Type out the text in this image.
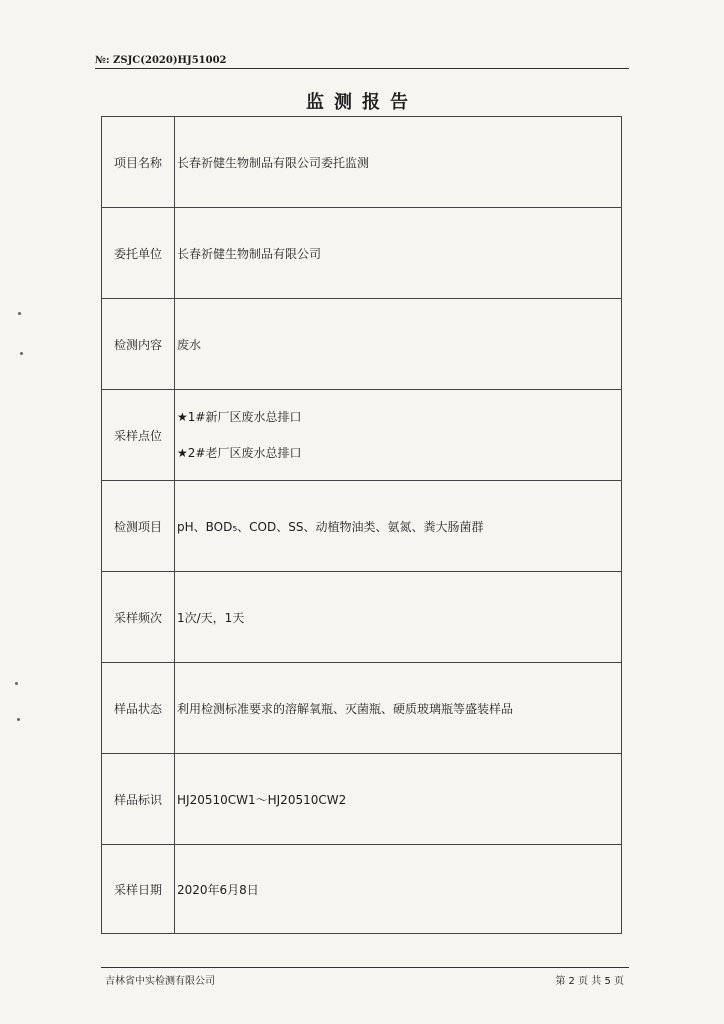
№: ZSJC(2020)HJ51002
监测报告
项目名称	长春祈健生物制品有限公司委托监测
委托单位	长春祈健生物制品有限公司
检测内容	废水
采样点位	★1#新厂区废水总排口
★2#老厂区废水总排口

检测项目	pH、BOD₅、COD、SS、动植物油类、氨氮、粪大肠菌群
采样频次	1次/天，1天
样品状态	利用检测标准要求的溶解氧瓶、灭菌瓶、硬质玻璃瓶等盛装样品
样品标识	HJ20510CW1～HJ20510CW2
采样日期	2020年6月8日
吉林省中实检测有限公司	第 2 页 共 5 页
